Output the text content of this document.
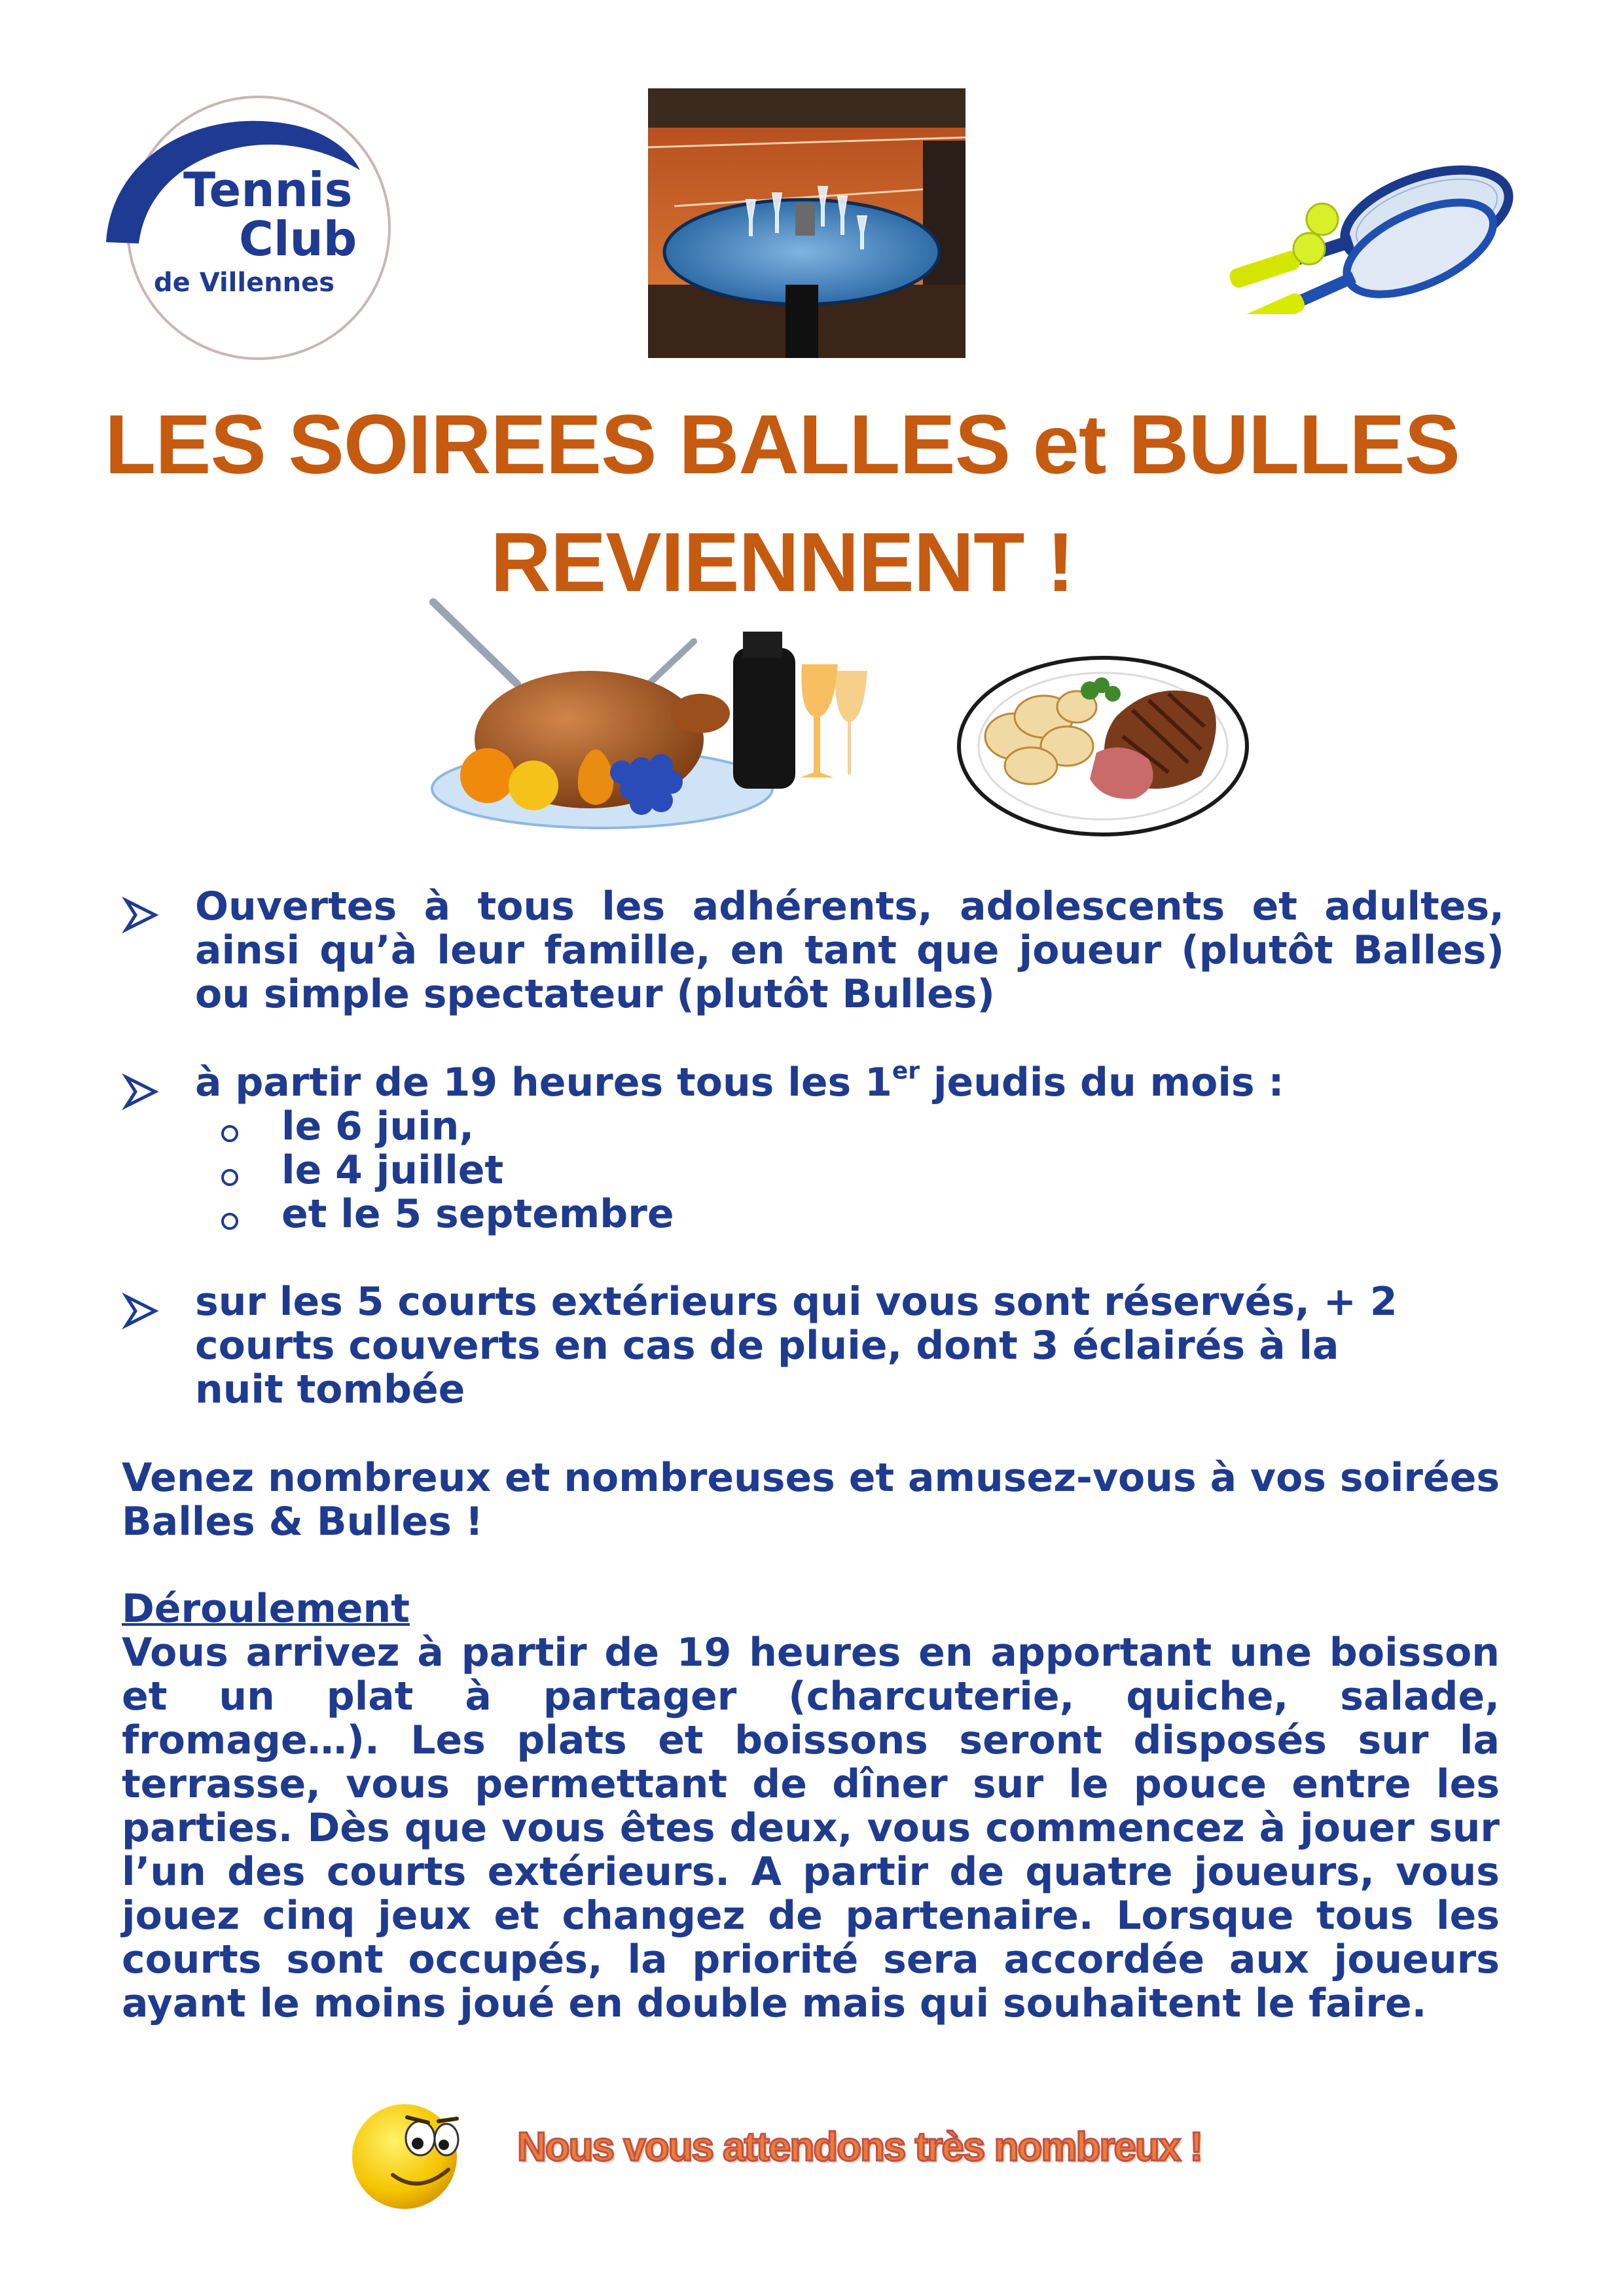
Tennis
Club
de Villennes
LES SOIREES BALLES et BULLES
REVIENNENT !
Ouvertes à tous les adhérents, adolescents et adultes, ainsi qu’à leur famille, en tant que joueur (plutôt Balles) ou simple spectateur (plutôt Bulles)
à partir de 19 heures tous les 1er jeudis du mois :
le 6 juin,
le 4 juillet
et le 5 septembre
sur les 5 courts extérieurs qui vous sont réservés, + 2 courts couverts en cas de pluie, dont 3 éclairés à la nuit tombée
Venez nombreux et nombreuses et amusez-vous à vos soirées Balles & Bulles !
Déroulement
Vous arrivez à partir de 19 heures en apportant une boisson et un plat à partager (charcuterie, quiche, salade, fromage…). Les plats et boissons seront disposés sur la terrasse, vous permettant de dîner sur le pouce entre les parties. Dès que vous êtes deux, vous commencez à jouer sur l’un des courts extérieurs. A partir de quatre joueurs, vous jouez cinq jeux et changez de partenaire. Lorsque tous les courts sont occupés, la priorité sera accordée aux joueurs ayant le moins joué en double mais qui souhaitent le faire.
Nous vous attendons très nombreux !
